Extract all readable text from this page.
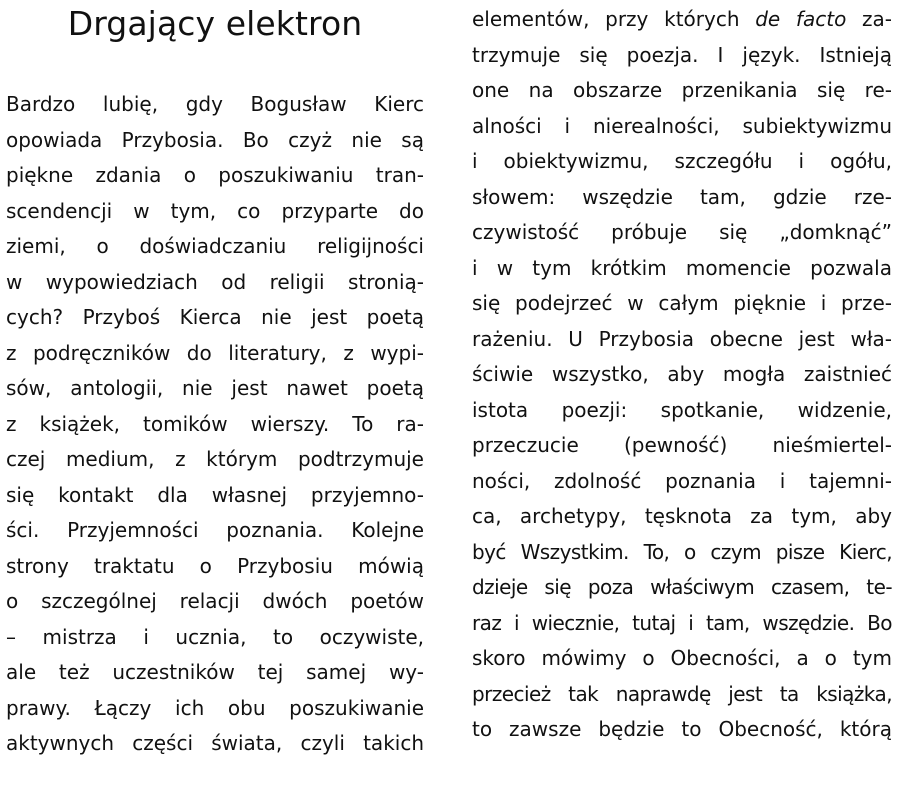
Drgający elektron
Bardzo lubię, gdy Bogusław Kierc
opowiada Przybosia. Bo czyż nie są
piękne zdania o poszukiwaniu tran-
scendencji w tym, co przyparte do
ziemi, o doświadczaniu religijności
w wypowiedziach od religii stronią-
cych? Przyboś Kierca nie jest poetą
z podręczników do literatury, z wypi-
sów, antologii, nie jest nawet poetą
z książek, tomików wierszy. To ra-
czej medium, z którym podtrzymuje
się kontakt dla własnej przyjemno-
ści. Przyjemności poznania. Kolejne
strony traktatu o Przybosiu mówią
o szczególnej relacji dwóch poetów
– mistrza i ucznia, to oczywiste,
ale też uczestników tej samej wy-
prawy. Łączy ich obu poszukiwanie
aktywnych części świata, czyli takich
elementów, przy których de facto za-
trzymuje się poezja. I język. Istnieją
one na obszarze przenikania się re-
alności i nierealności, subiektywizmu
i obiektywizmu, szczegółu i ogółu,
słowem: wszędzie tam, gdzie rze-
czywistość próbuje się „domknąć”
i w tym krótkim momencie pozwala
się podejrzeć w całym pięknie i prze-
rażeniu. U Przybosia obecne jest wła-
ściwie wszystko, aby mogła zaistnieć
istota poezji: spotkanie, widzenie,
przeczucie (pewność) nieśmiertel-
ności, zdolność poznania i tajemni-
ca, archetypy, tęsknota za tym, aby
być Wszystkim. To, o czym pisze Kierc,
dzieje się poza właściwym czasem, te-
raz i wiecznie, tutaj i tam, wszędzie. Bo
skoro mówimy o Obecności, a o tym
przecież tak naprawdę jest ta książka,
to zawsze będzie to Obecność, którą
